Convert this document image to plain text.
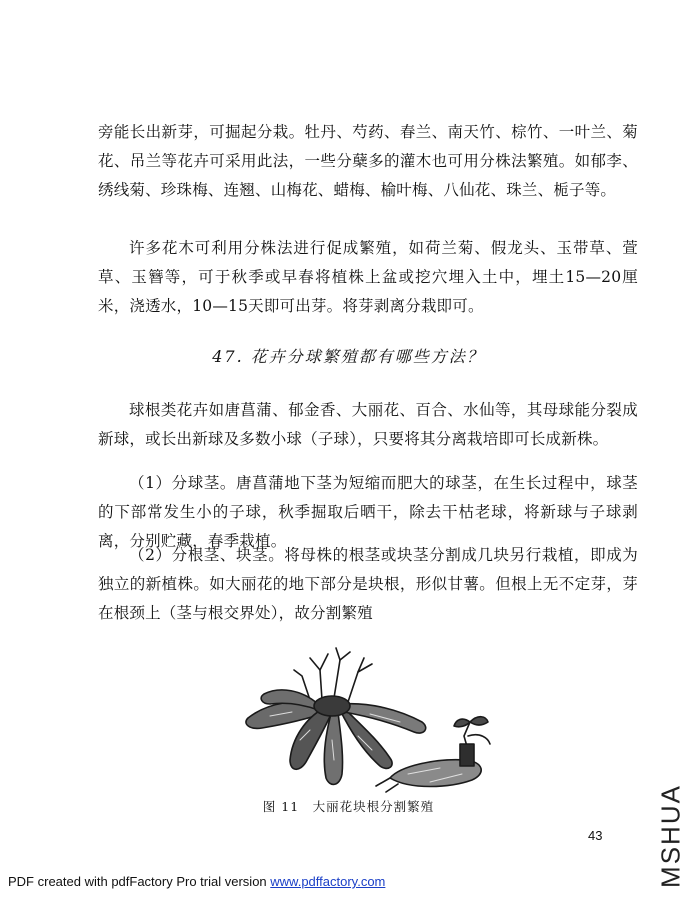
旁能长出新芽，可掘起分栽。牡丹、芍药、春兰、南天竹、棕竹、一叶兰、菊花、吊兰等花卉可采用此法，一些分蘖多的灌木也可用分株法繁殖。如郁李、绣线菊、珍珠梅、连翘、山梅花、蜡梅、榆叶梅、八仙花、珠兰、栀子等。

许多花木可利用分株法进行促成繁殖，如荷兰菊、假龙头、玉带草、萱草、玉簪等，可于秋季或早春将植株上盆或挖穴埋入土中，埋土15—20厘米，浇透水，10—15天即可出芽。将芽剥离分栽即可。

47. 花卉分球繁殖都有哪些方法？

球根类花卉如唐菖蒲、郁金香、大丽花、百合、水仙等，其母球能分裂成新球，或长出新球及多数小球（子球），只要将其分离栽培即可长成新株。

（1）分球茎。唐菖蒲地下茎为短缩而肥大的球茎，在生长过程中，球茎的下部常发生小的子球，秋季掘取后晒干，除去干枯老球，将新球与子球剥离，分别贮藏，春季栽植。

（2）分根茎、块茎。将母株的根茎或块茎分割成几块另行栽植，即成为独立的新植株。如大丽花的地下部分是块根，形似甘薯。但根上无不定芽，芽在根颈上（茎与根交界处），故分割繁殖

图 11　大丽花块根分割繁殖
43 MSHUA
PDF created with pdfFactory Pro trial version www.pdffactory.com
